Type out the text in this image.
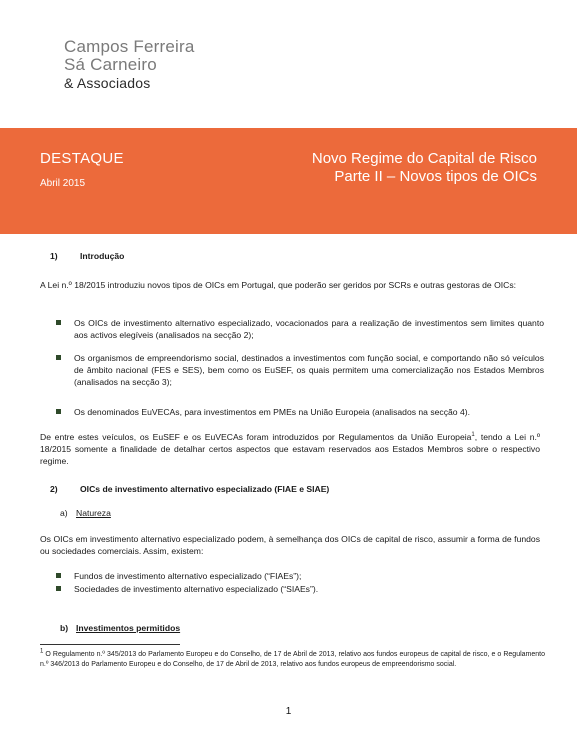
Campos Ferreira
Sá Carneiro
& Associados
DESTAQUE
Abril 2015
Novo Regime do Capital de Risco
Parte II – Novos tipos de OICs
1)	Introdução
A Lei n.º 18/2015 introduziu novos tipos de OICs em Portugal, que poderão ser geridos por SCRs e outras gestoras de OICs:
Os OICs de investimento alternativo especializado, vocacionados para a realização de investimentos sem limites quanto aos activos elegíveis (analisados na secção 2);
Os organismos de empreendorismo social, destinados a investimentos com função social, e comportando não só veículos de âmbito nacional (FES e SES), bem como os EuSEF, os quais permitem uma comercialização nos Estados Membros (analisados na secção 3);
Os denominados EuVECAs, para investimentos em PMEs na União Europeia (analisados na secção 4).
De entre estes veículos, os EuSEF e os EuVECAs foram introduzidos por Regulamentos da União Europeia$^1$, tendo a Lei n.º 18/2015 somente a finalidade de detalhar certos aspectos que estavam reservados aos Estados Membros sobre o respectivo regime.
2)	OICs de investimento alternativo especializado (FIAE e SIAE)
a) Natureza
Os OICs em investimento alternativo especializado podem, à semelhança dos OICs de capital de risco, assumir a forma de fundos ou sociedades comerciais. Assim, existem:
Fundos de investimento alternativo especializado (“FIAEs”);
Sociedades de investimento alternativo especializado (“SIAEs”).
b) Investimentos permitidos
$^1$ O Regulamento n.º 345/2013 do Parlamento Europeu e do Conselho, de 17 de Abril de 2013, relativo aos fundos europeus de capital de risco, e o Regulamento n.º 346/2013 do Parlamento Europeu e do Conselho, de 17 de Abril de 2013, relativo aos fundos europeus de empreendorismo social.
1
